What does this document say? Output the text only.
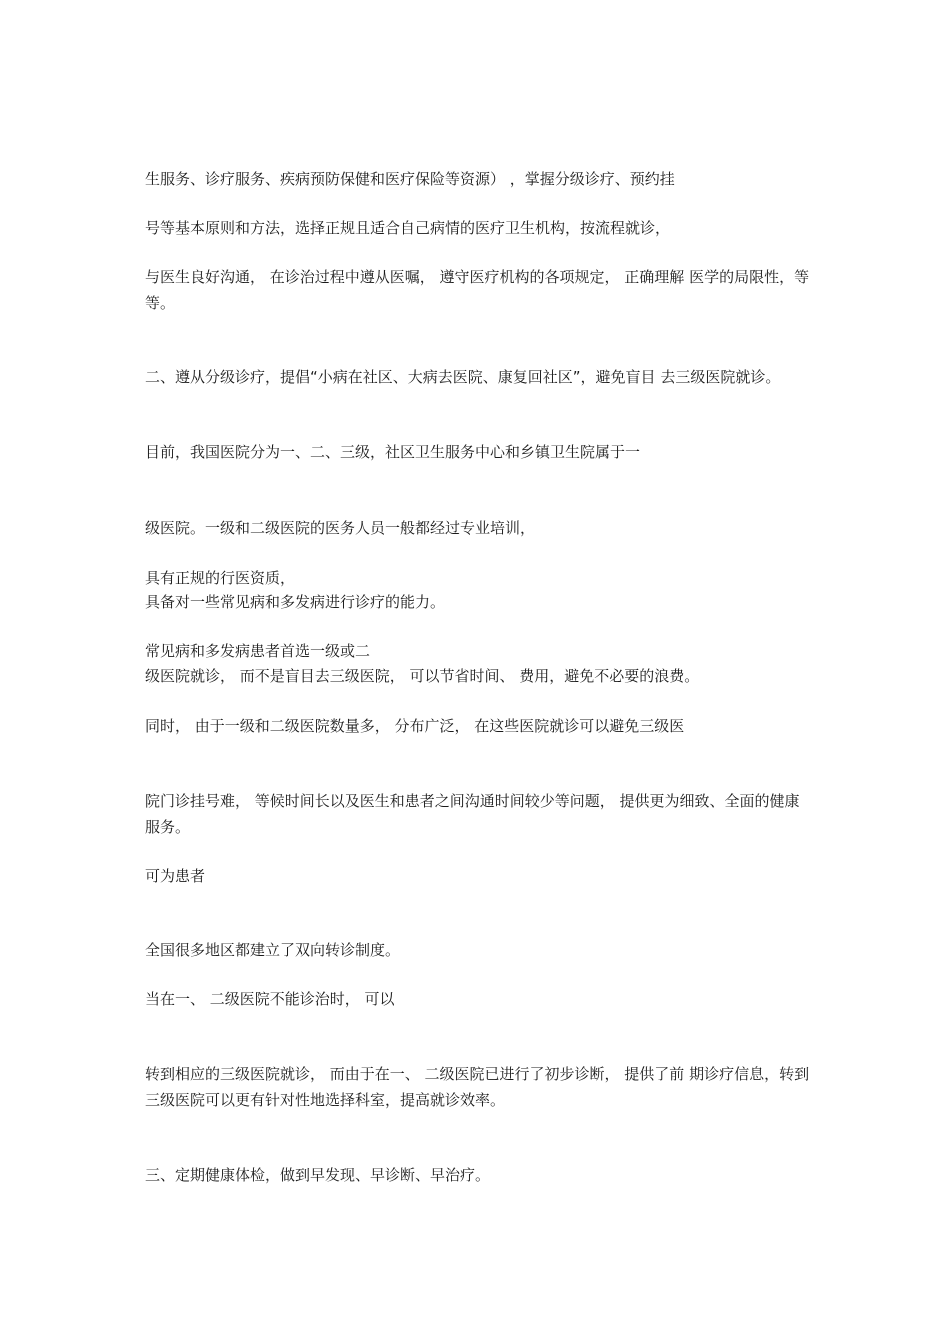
生服务、诊疗服务、疾病预防保健和医疗保险等资源） ，掌握分级诊疗、预约挂
号等基本原则和方法，选择正规且适合自己病情的医疗卫生机构，按流程就诊，
与医生良好沟通， 在诊治过程中遵从医嘱， 遵守医疗机构的各项规定， 正确理解 医学的局限性，等等。
二、遵从分级诊疗，提倡“小病在社区、大病去医院、康复回社区”，避免盲目 去三级医院就诊。
目前，我国医院分为一、二、三级，社区卫生服务中心和乡镇卫生院属于一
级医院。一级和二级医院的医务人员一般都经过专业培训，
具有正规的行医资质，
具备对一些常见病和多发病进行诊疗的能力。
常见病和多发病患者首选一级或二
级医院就诊， 而不是盲目去三级医院， 可以节省时间、 费用，避免不必要的浪费。
同时， 由于一级和二级医院数量多， 分布广泛， 在这些医院就诊可以避免三级医
院门诊挂号难， 等候时间长以及医生和患者之间沟通时间较少等问题， 提供更为细致、全面的健康服务。
可为患者
全国很多地区都建立了双向转诊制度。
当在一、 二级医院不能诊治时， 可以
转到相应的三级医院就诊， 而由于在一、 二级医院已进行了初步诊断， 提供了前 期诊疗信息，转到三级医院可以更有针对性地选择科室，提高就诊效率。
三、定期健康体检，做到早发现、早诊断、早治疗。
